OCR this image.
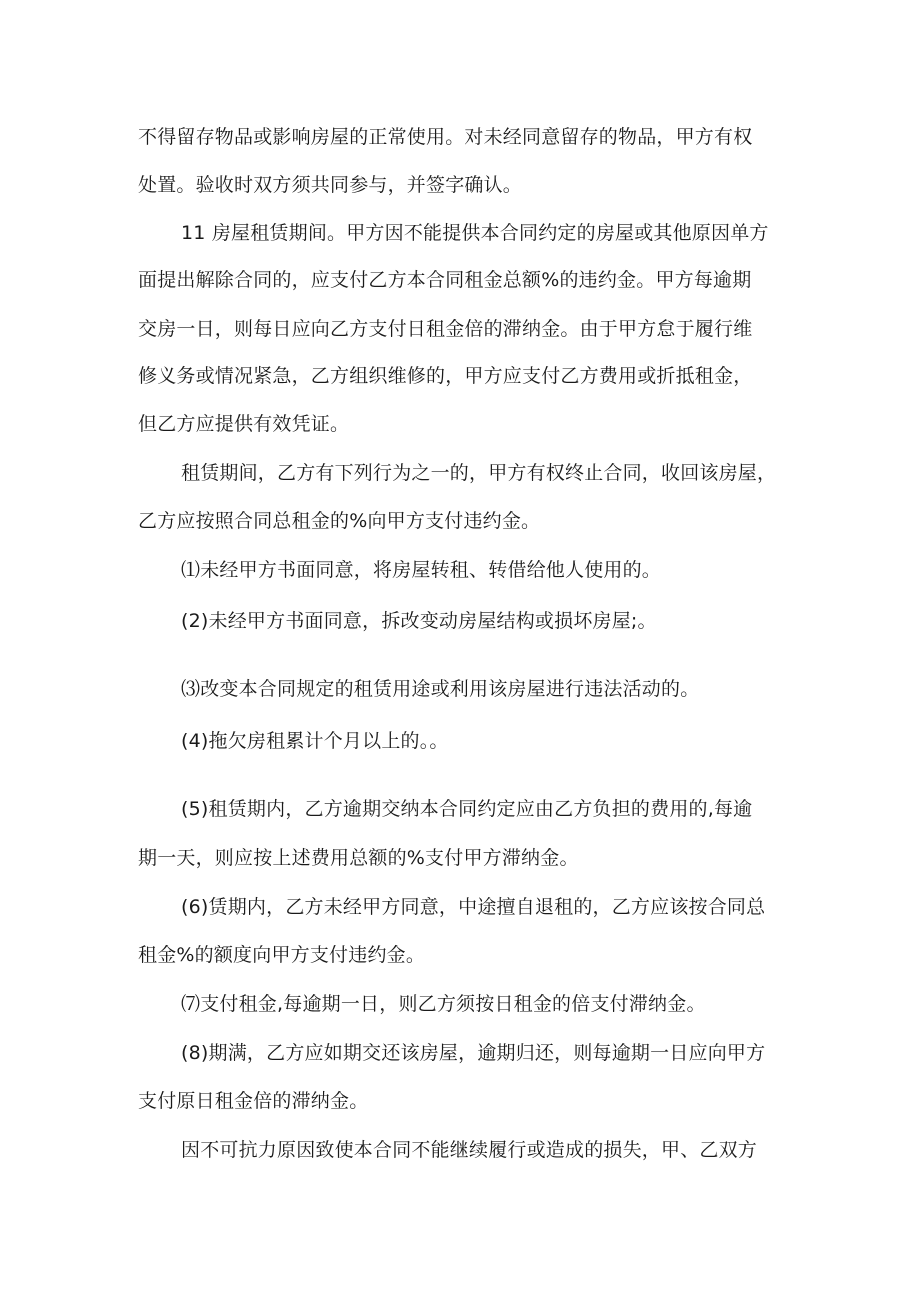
不得留存物品或影响房屋的正常使用。对未经同意留存的物品，甲方有权
处置。验收时双方须共同参与，并签字确认。
11 房屋租赁期间。甲方因不能提供本合同约定的房屋或其他原因单方
面提出解除合同的，应支付乙方本合同租金总额%的违约金。甲方每逾期
交房一日，则每日应向乙方支付日租金倍的滞纳金。由于甲方怠于履行维
修义务或情况紧急，乙方组织维修的，甲方应支付乙方费用或折抵租金，
但乙方应提供有效凭证。
租赁期间，乙方有下列行为之一的，甲方有权终止合同，收回该房屋，
乙方应按照合同总租金的%向甲方支付违约金。
⑴未经甲方书面同意，将房屋转租、转借给他人使用的。
(2)未经甲方书面同意，拆改变动房屋结构或损坏房屋;。
⑶改变本合同规定的租赁用途或利用该房屋进行违法活动的。
(4)拖欠房租累计个月以上的。。
(5)租赁期内，乙方逾期交纳本合同约定应由乙方负担的费用的,每逾
期一天，则应按上述费用总额的%支付甲方滞纳金。
(6)赁期内，乙方未经甲方同意，中途擅自退租的，乙方应该按合同总
租金%的额度向甲方支付违约金。
⑺支付租金,每逾期一日，则乙方须按日租金的倍支付滞纳金。
(8)期满，乙方应如期交还该房屋，逾期归还，则每逾期一日应向甲方
支付原日租金倍的滞纳金。
因不可抗力原因致使本合同不能继续履行或造成的损失，甲、乙双方
